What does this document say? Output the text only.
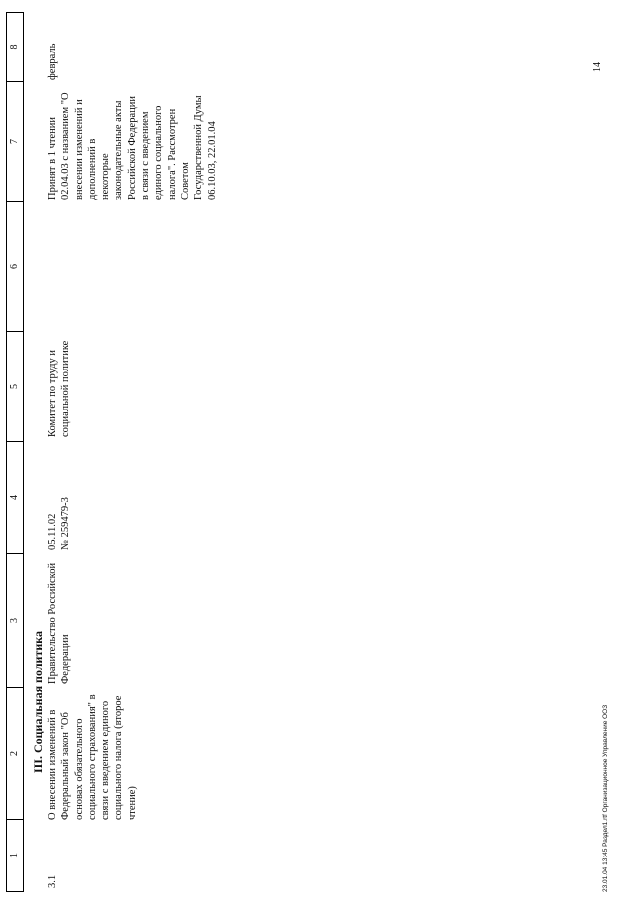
1
2
3
4
5
6
7
8
III. Социальная политика
3.1
О внесении изменений в Федеральный закон "Об основах обязательного социального страхования" в связи с введением единого социального налога (второе чтение)
Правительство Российской Федерации
05.11.02 № 259479-3
Комитет по труду и социальной политике
Принят в 1 чтении 02.04.03 с названием "О внесении изменений и дополнений в некоторые законодательные акты Российской Федерации в связи с введением единого социального налога". Рассмотрен Советом Государственной Думы 06.10.03, 22.01.04
февраль
23.01.04 13:45 Раздел1.rtf Организационное Управление ООЗ
14
